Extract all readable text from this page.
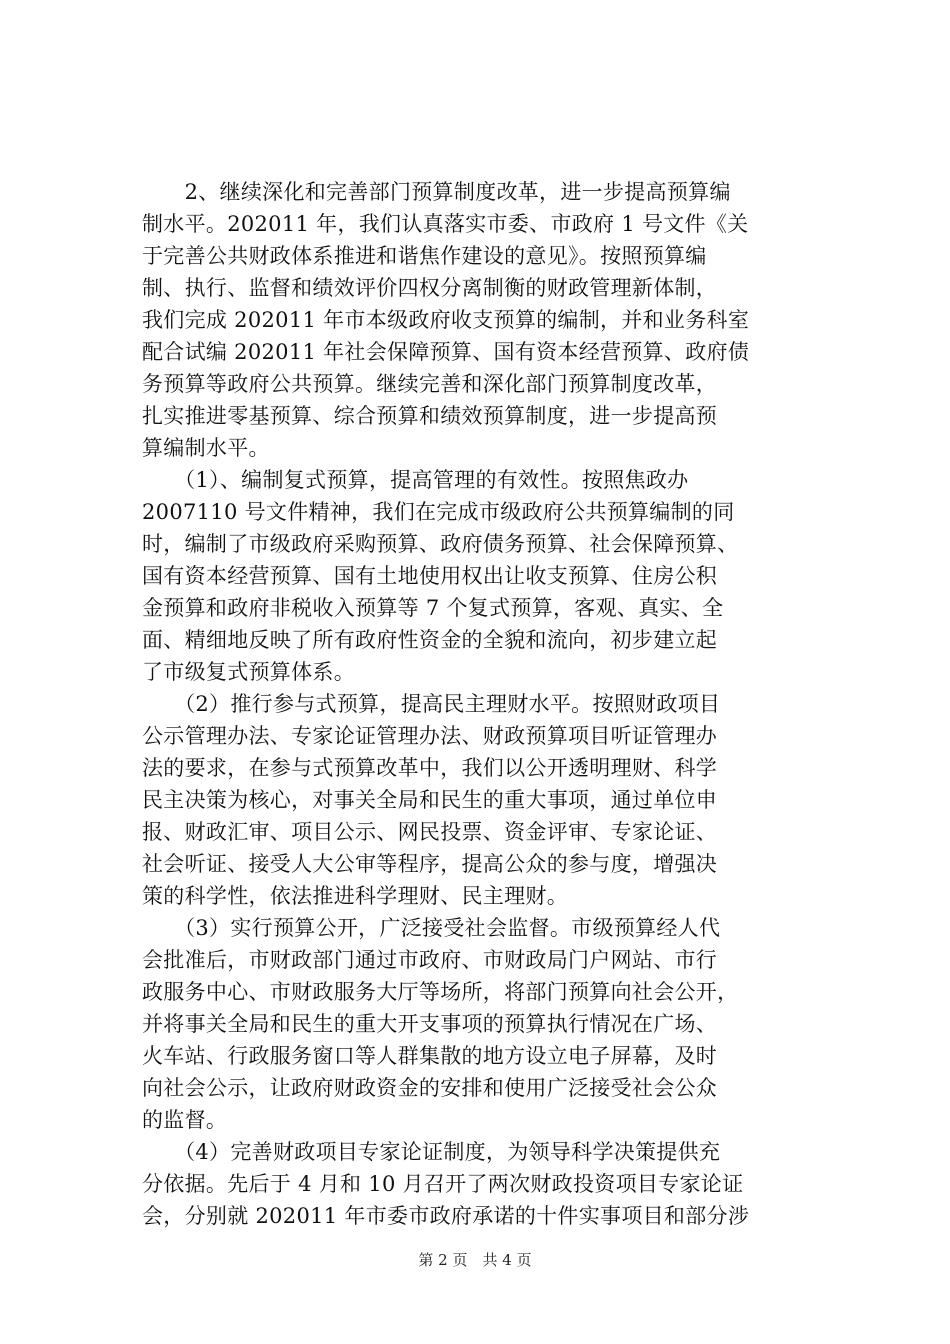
　　2、继续深化和完善部门预算制度改革，进一步提高预算编
制水平。202011 年，我们认真落实市委、市政府 1 号文件《关
于完善公共财政体系推进和谐焦作建设的意见》。按照预算编
制、执行、监督和绩效评价四权分离制衡的财政管理新体制，
我们完成 202011 年市本级政府收支预算的编制，并和业务科室
配合试编 202011 年社会保障预算、国有资本经营预算、政府债
务预算等政府公共预算。继续完善和深化部门预算制度改革，
扎实推进零基预算、综合预算和绩效预算制度，进一步提高预
算编制水平。
　　（1）、编制复式预算，提高管理的有效性。按照焦政办
2007110 号文件精神，我们在完成市级政府公共预算编制的同
时，编制了市级政府采购预算、政府债务预算、社会保障预算、
国有资本经营预算、国有土地使用权出让收支预算、住房公积
金预算和政府非税收入预算等 7 个复式预算，客观、真实、全
面、精细地反映了所有政府性资金的全貌和流向，初步建立起
了市级复式预算体系。
　　（2）推行参与式预算，提高民主理财水平。按照财政项目
公示管理办法、专家论证管理办法、财政预算项目听证管理办
法的要求，在参与式预算改革中，我们以公开透明理财、科学
民主决策为核心，对事关全局和民生的重大事项，通过单位申
报、财政汇审、项目公示、网民投票、资金评审、专家论证、
社会听证、接受人大公审等程序，提高公众的参与度，增强决
策的科学性，依法推进科学理财、民主理财。
　　（3）实行预算公开，广泛接受社会监督。市级预算经人代
会批准后，市财政部门通过市政府、市财政局门户网站、市行
政服务中心、市财政服务大厅等场所，将部门预算向社会公开，
并将事关全局和民生的重大开支事项的预算执行情况在广场、
火车站、行政服务窗口等人群集散的地方设立电子屏幕，及时
向社会公示，让政府财政资金的安排和使用广泛接受社会公众
的监督。
　　（4）完善财政项目专家论证制度，为领导科学决策提供充
分依据。先后于 4 月和 10 月召开了两次财政投资项目专家论证
会，分别就 202011 年市委市政府承诺的十件实事项目和部分涉
第 2 页　共 4 页
